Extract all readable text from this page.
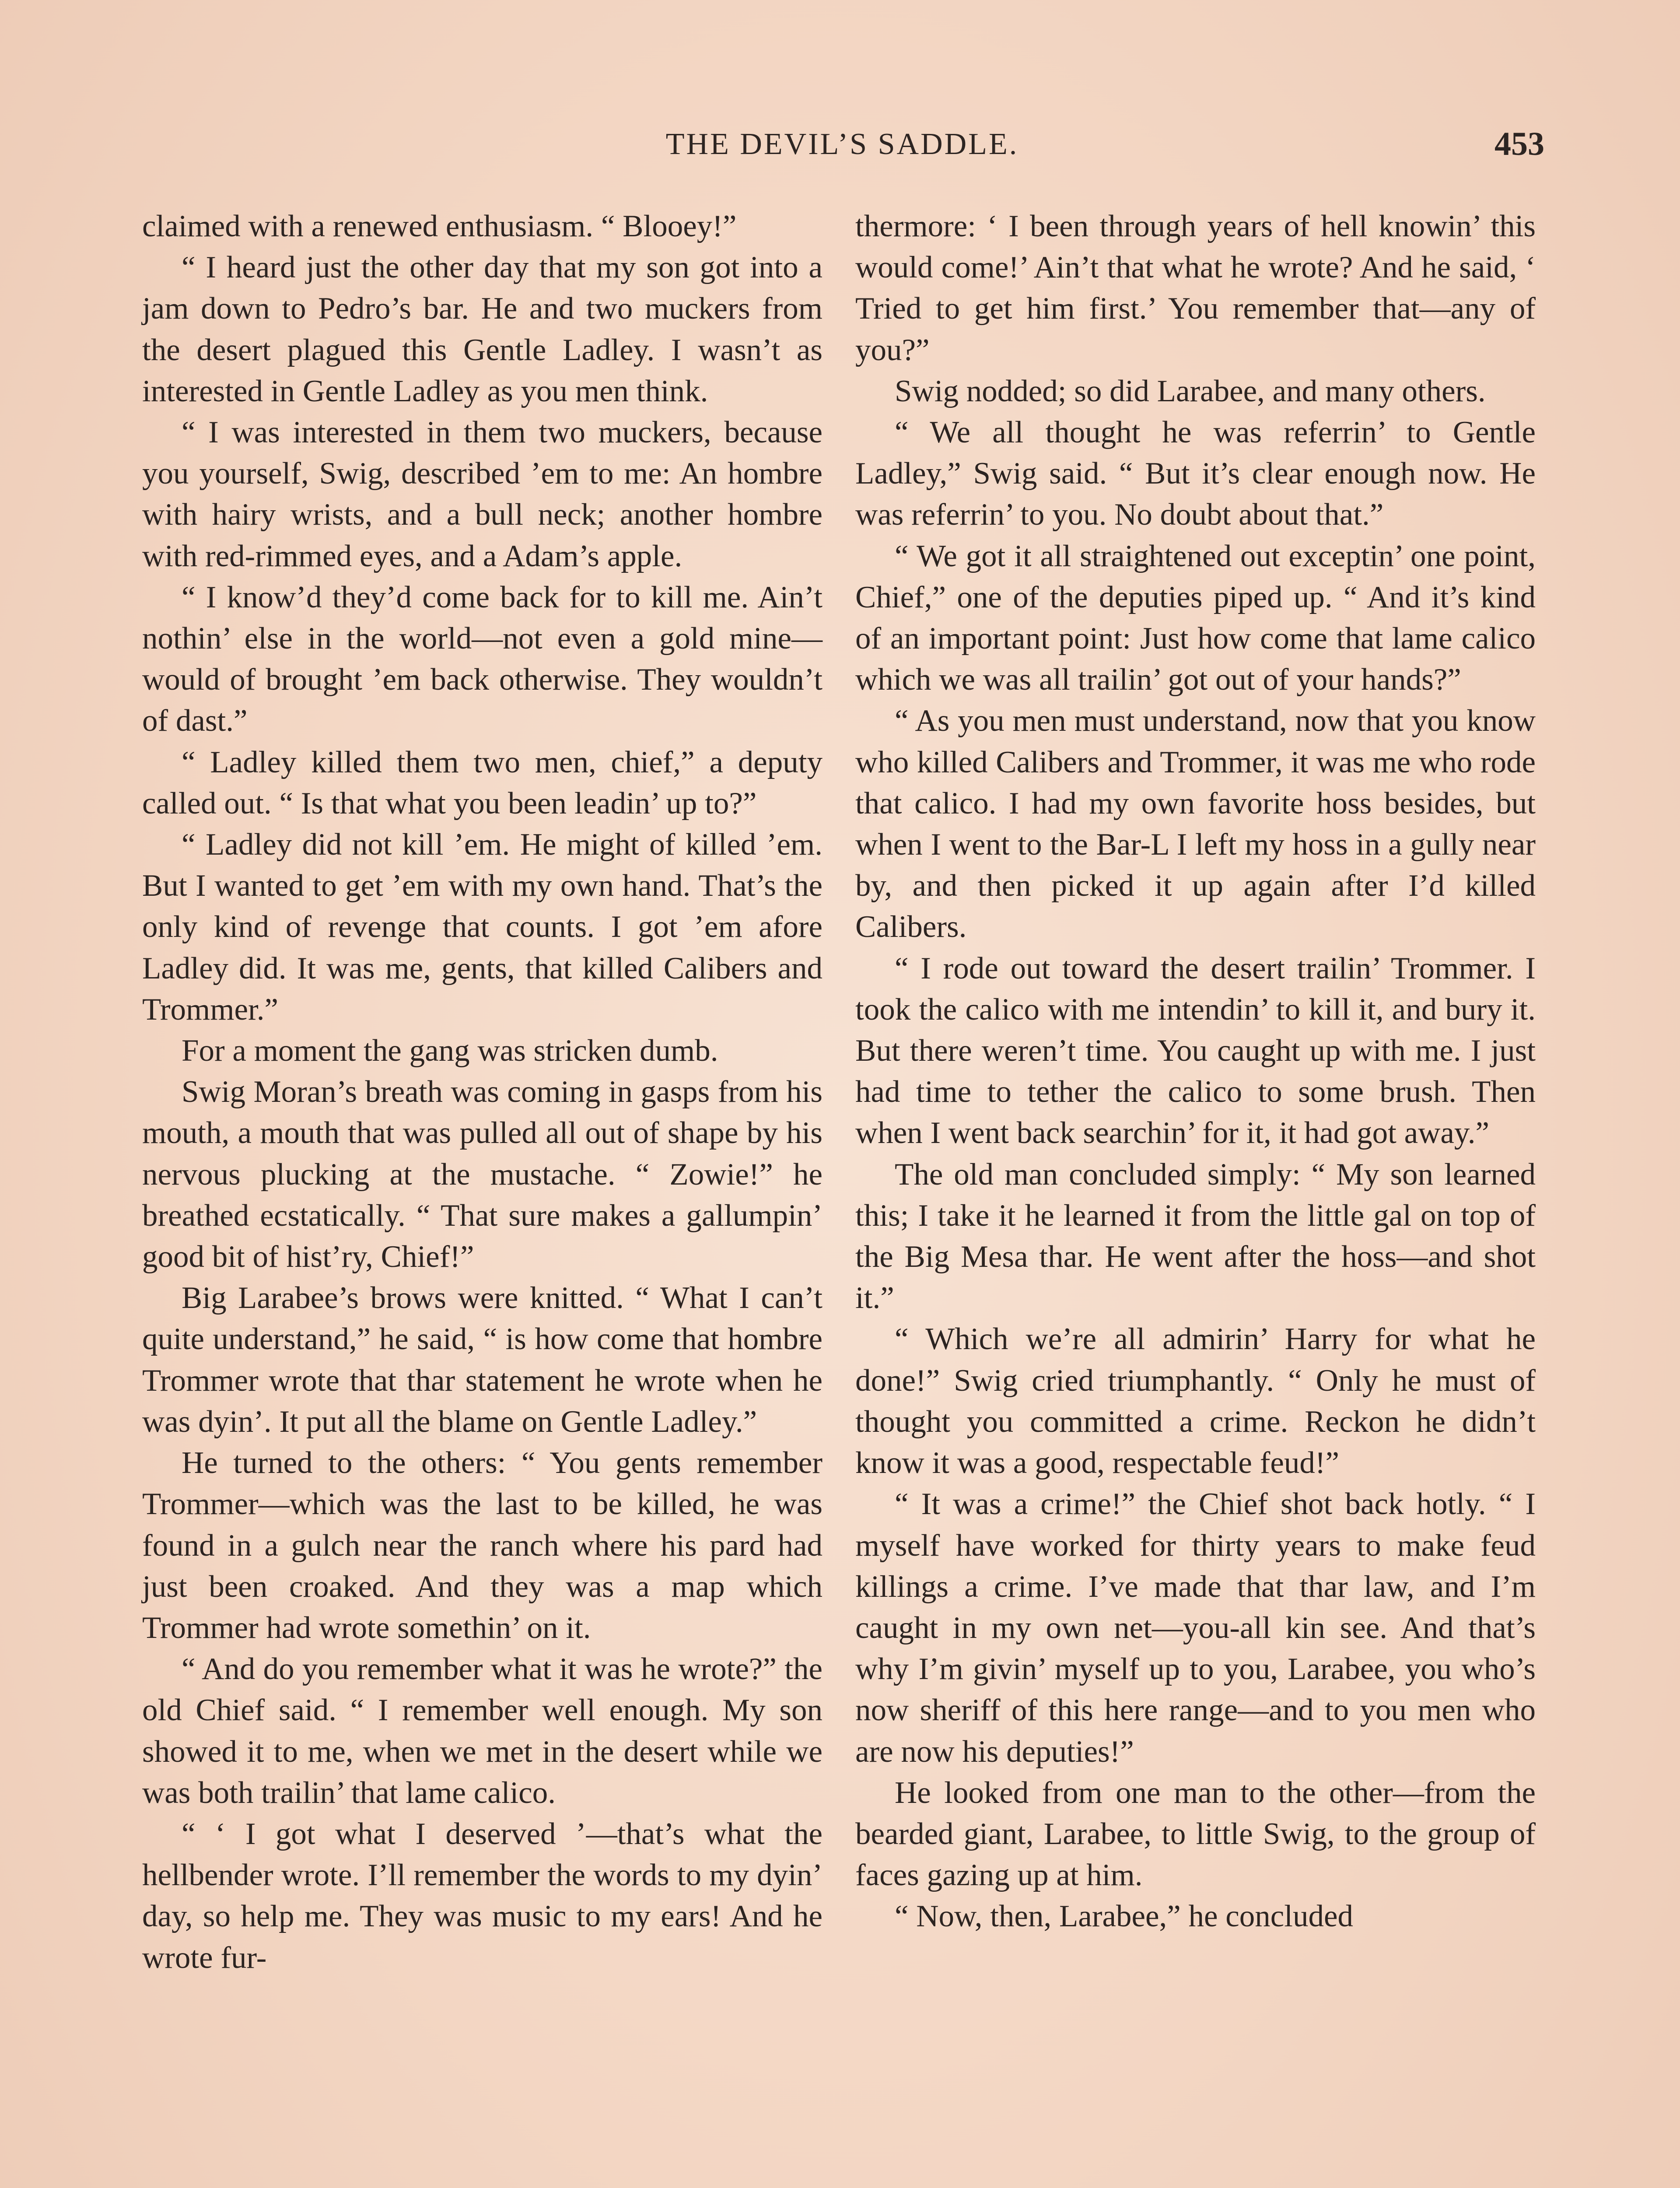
THE DEVIL’S SADDLE.	453

claimed with a renewed enthusiasm. “ Blooey!”

“ I heard just the other day that my son got into a jam down to Pedro’s bar. He and two muckers from the desert plagued this Gentle Ladley. I wasn’t as interested in Gentle Ladley as you men think.

“ I was interested in them two muckers, because you yourself, Swig, described ’em to me: An hombre with hairy wrists, and a bull neck; another hombre with red-rimmed eyes, and a Adam’s apple.

“ I know’d they’d come back for to kill me. Ain’t nothin’ else in the world—not even a gold mine—would of brought ’em back otherwise. They wouldn’t of dast.”

“ Ladley killed them two men, chief,” a deputy called out. “ Is that what you been leadin’ up to?”

“ Ladley did not kill ’em. He might of killed ’em. But I wanted to get ’em with my own hand. That’s the only kind of revenge that counts. I got ’em afore Ladley did. It was me, gents, that killed Calibers and Trommer.”

For a moment the gang was stricken dumb.

Swig Moran’s breath was coming in gasps from his mouth, a mouth that was pulled all out of shape by his nervous plucking at the mustache. “ Zowie!” he breathed ecstatically. “ That sure makes a gallumpin’ good bit of hist’ry, Chief!”

Big Larabee’s brows were knitted. “ What I can’t quite understand,” he said, “ is how come that hombre Trommer wrote that thar statement he wrote when he was dyin’. It put all the blame on Gentle Ladley.”

He turned to the others: “ You gents remember Trommer—which was the last to be killed, he was found in a gulch near the ranch where his pard had just been croaked. And they was a map which Trommer had wrote somethin’ on it.

“ And do you remember what it was he wrote?” the old Chief said. “ I remember well enough. My son showed it to me, when we met in the desert while we was both trailin’ that lame calico.

“ ‘ I got what I deserved ’—that’s what the hellbender wrote. I’ll remember the words to my dyin’ day, so help me. They was music to my ears! And he wrote fur-

thermore: ‘ I been through years of hell knowin’ this would come!’ Ain’t that what he wrote? And he said, ‘ Tried to get him first.’ You remember that—any of you?”

Swig nodded; so did Larabee, and many others.

“ We all thought he was referrin’ to Gentle Ladley,” Swig said. “ But it’s clear enough now. He was referrin’ to you. No doubt about that.”

“ We got it all straightened out exceptin’ one point, Chief,” one of the deputies piped up. “ And it’s kind of an important point: Just how come that lame calico which we was all trailin’ got out of your hands?”

“ As you men must understand, now that you know who killed Calibers and Trommer, it was me who rode that calico. I had my own favorite hoss besides, but when I went to the Bar-L I left my hoss in a gully near by, and then picked it up again after I’d killed Calibers.

“ I rode out toward the desert trailin’ Trommer. I took the calico with me intendin’ to kill it, and bury it. But there weren’t time. You caught up with me. I just had time to tether the calico to some brush. Then when I went back searchin’ for it, it had got away.”

The old man concluded simply: “ My son learned this; I take it he learned it from the little gal on top of the Big Mesa thar. He went after the hoss—and shot it.”

“ Which we’re all admirin’ Harry for what he done!” Swig cried triumphantly. “ Only he must of thought you committed a crime. Reckon he didn’t know it was a good, respectable feud!”

“ It was a crime!” the Chief shot back hotly. “ I myself have worked for thirty years to make feud killings a crime. I’ve made that thar law, and I’m caught in my own net—you-all kin see. And that’s why I’m givin’ myself up to you, Larabee, you who’s now sheriff of this here range—and to you men who are now his deputies!”

He looked from one man to the other—from the bearded giant, Larabee, to little Swig, to the group of faces gazing up at him.

“ Now, then, Larabee,” he concluded
